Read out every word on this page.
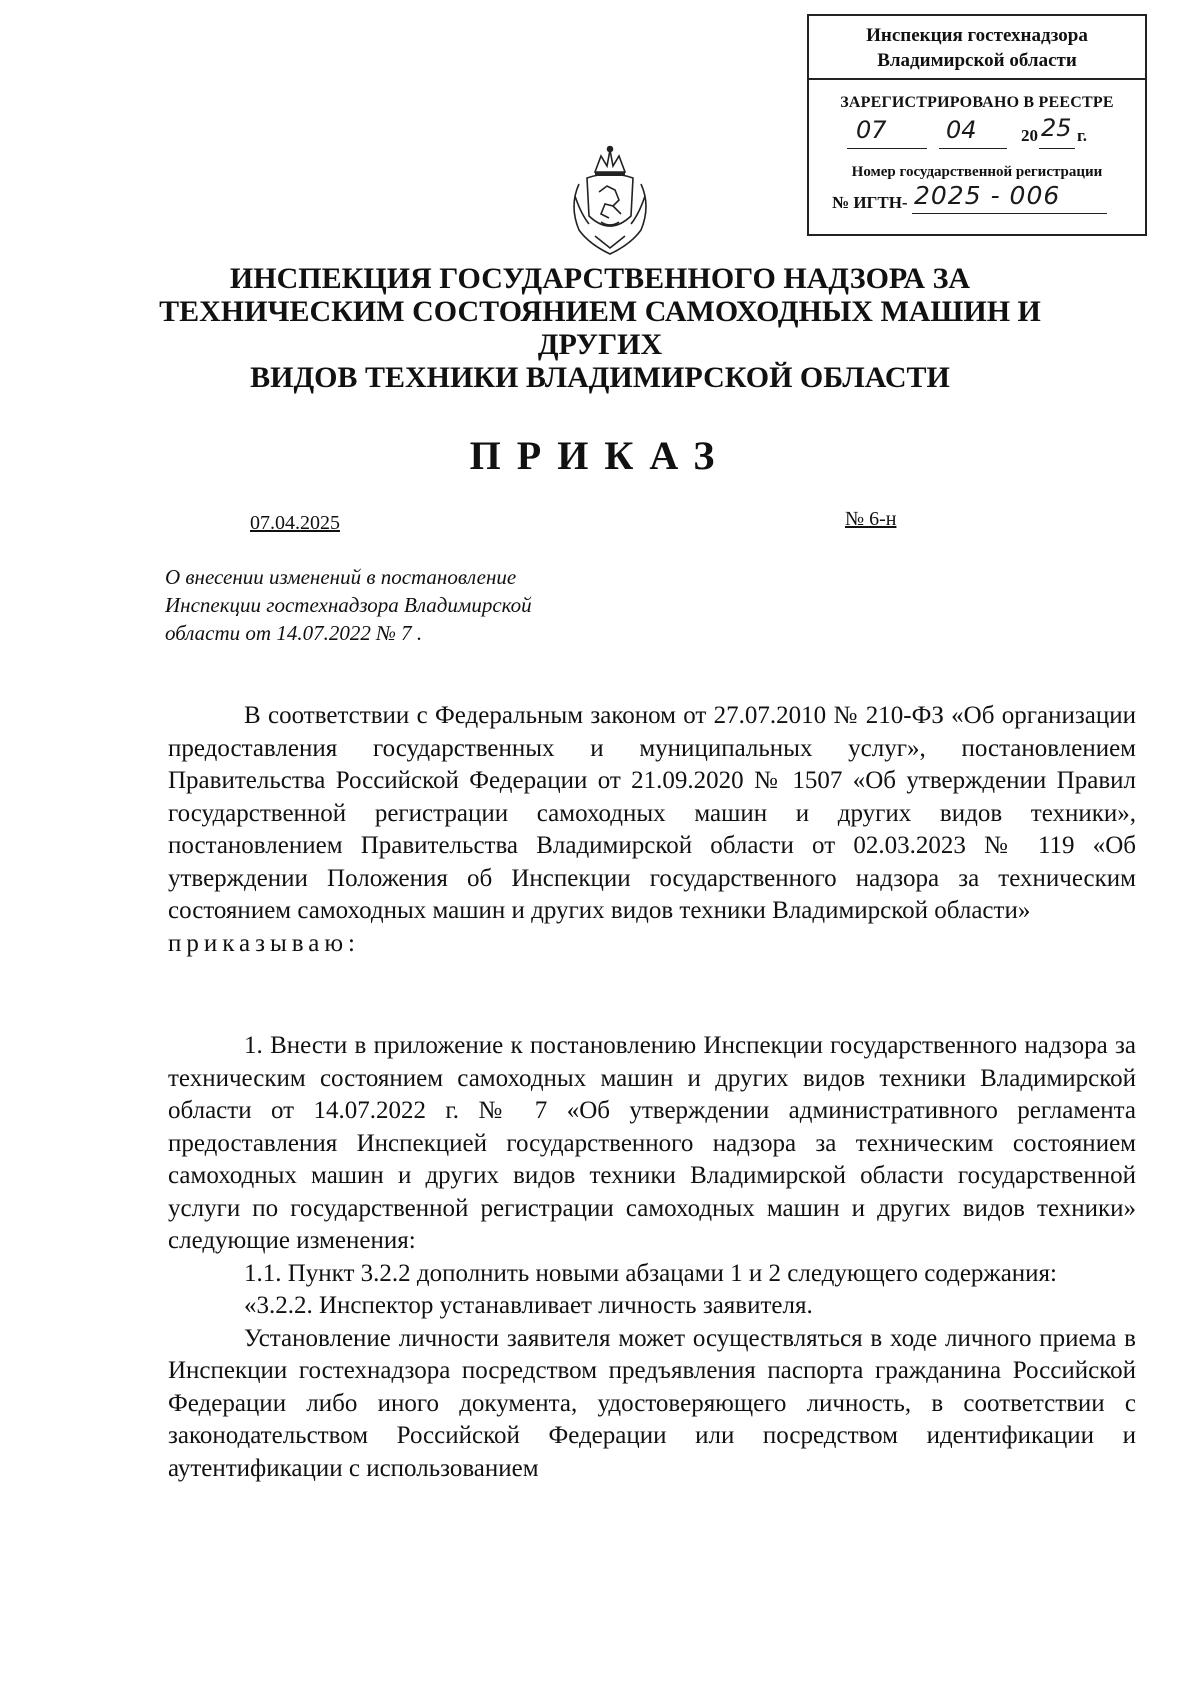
Инспекция гостехнадзора
Владимирской области
ЗАРЕГИСТРИРОВАНО В РЕЕСТРЕ
07 04	20 25 г.
Номер государственной регистрации
№ ИГТН- 2025 - 006
ИНСПЕКЦИЯ ГОСУДАРСТВЕННОГО НАДЗОРА ЗА
ТЕХНИЧЕСКИМ СОСТОЯНИЕМ САМОХОДНЫХ МАШИН И ДРУГИХ
ВИДОВ ТЕХНИКИ ВЛАДИМИРСКОЙ ОБЛАСТИ
ПРИКАЗ
07.04.2025	№ 6-н
О внесении изменений в постановление
Инспекции гостехнадзора Владимирской
области от 14.07.2022 № 7 .

В соответствии с Федеральным законом от 27.07.2010 № 210-ФЗ «Об организации предоставления государственных и муниципальных услуг», постановлением Правительства Российской Федерации от 21.09.2020 № 1507 «Об утверждении Правил государственной регистрации самоходных машин и других видов техники», постановлением Правительства Владимирской области от 02.03.2023 № 119 «Об утверждении Положения об Инспекции государственного надзора за техническим состоянием самоходных машин и других видов техники Владимирской области»

приказываю:

1. Внести в приложение к постановлению Инспекции государственного надзора за техническим состоянием самоходных машин и других видов техники Владимирской области от 14.07.2022 г. № 7 «Об утверждении административного регламента предоставления Инспекцией государственного надзора за техническим состоянием самоходных машин и других видов техники Владимирской области государственной услуги по государственной регистрации самоходных машин и других видов техники» следующие изменения:

1.1. Пункт 3.2.2 дополнить новыми абзацами 1 и 2 следующего содержания:

«3.2.2. Инспектор устанавливает личность заявителя.

Установление личности заявителя может осуществляться в ходе личного приема в Инспекции гостехнадзора посредством предъявления паспорта гражданина Российской Федерации либо иного документа, удостоверяющего личность, в соответствии с законодательством Российской Федерации или посредством идентификации и аутентификации с использованием
